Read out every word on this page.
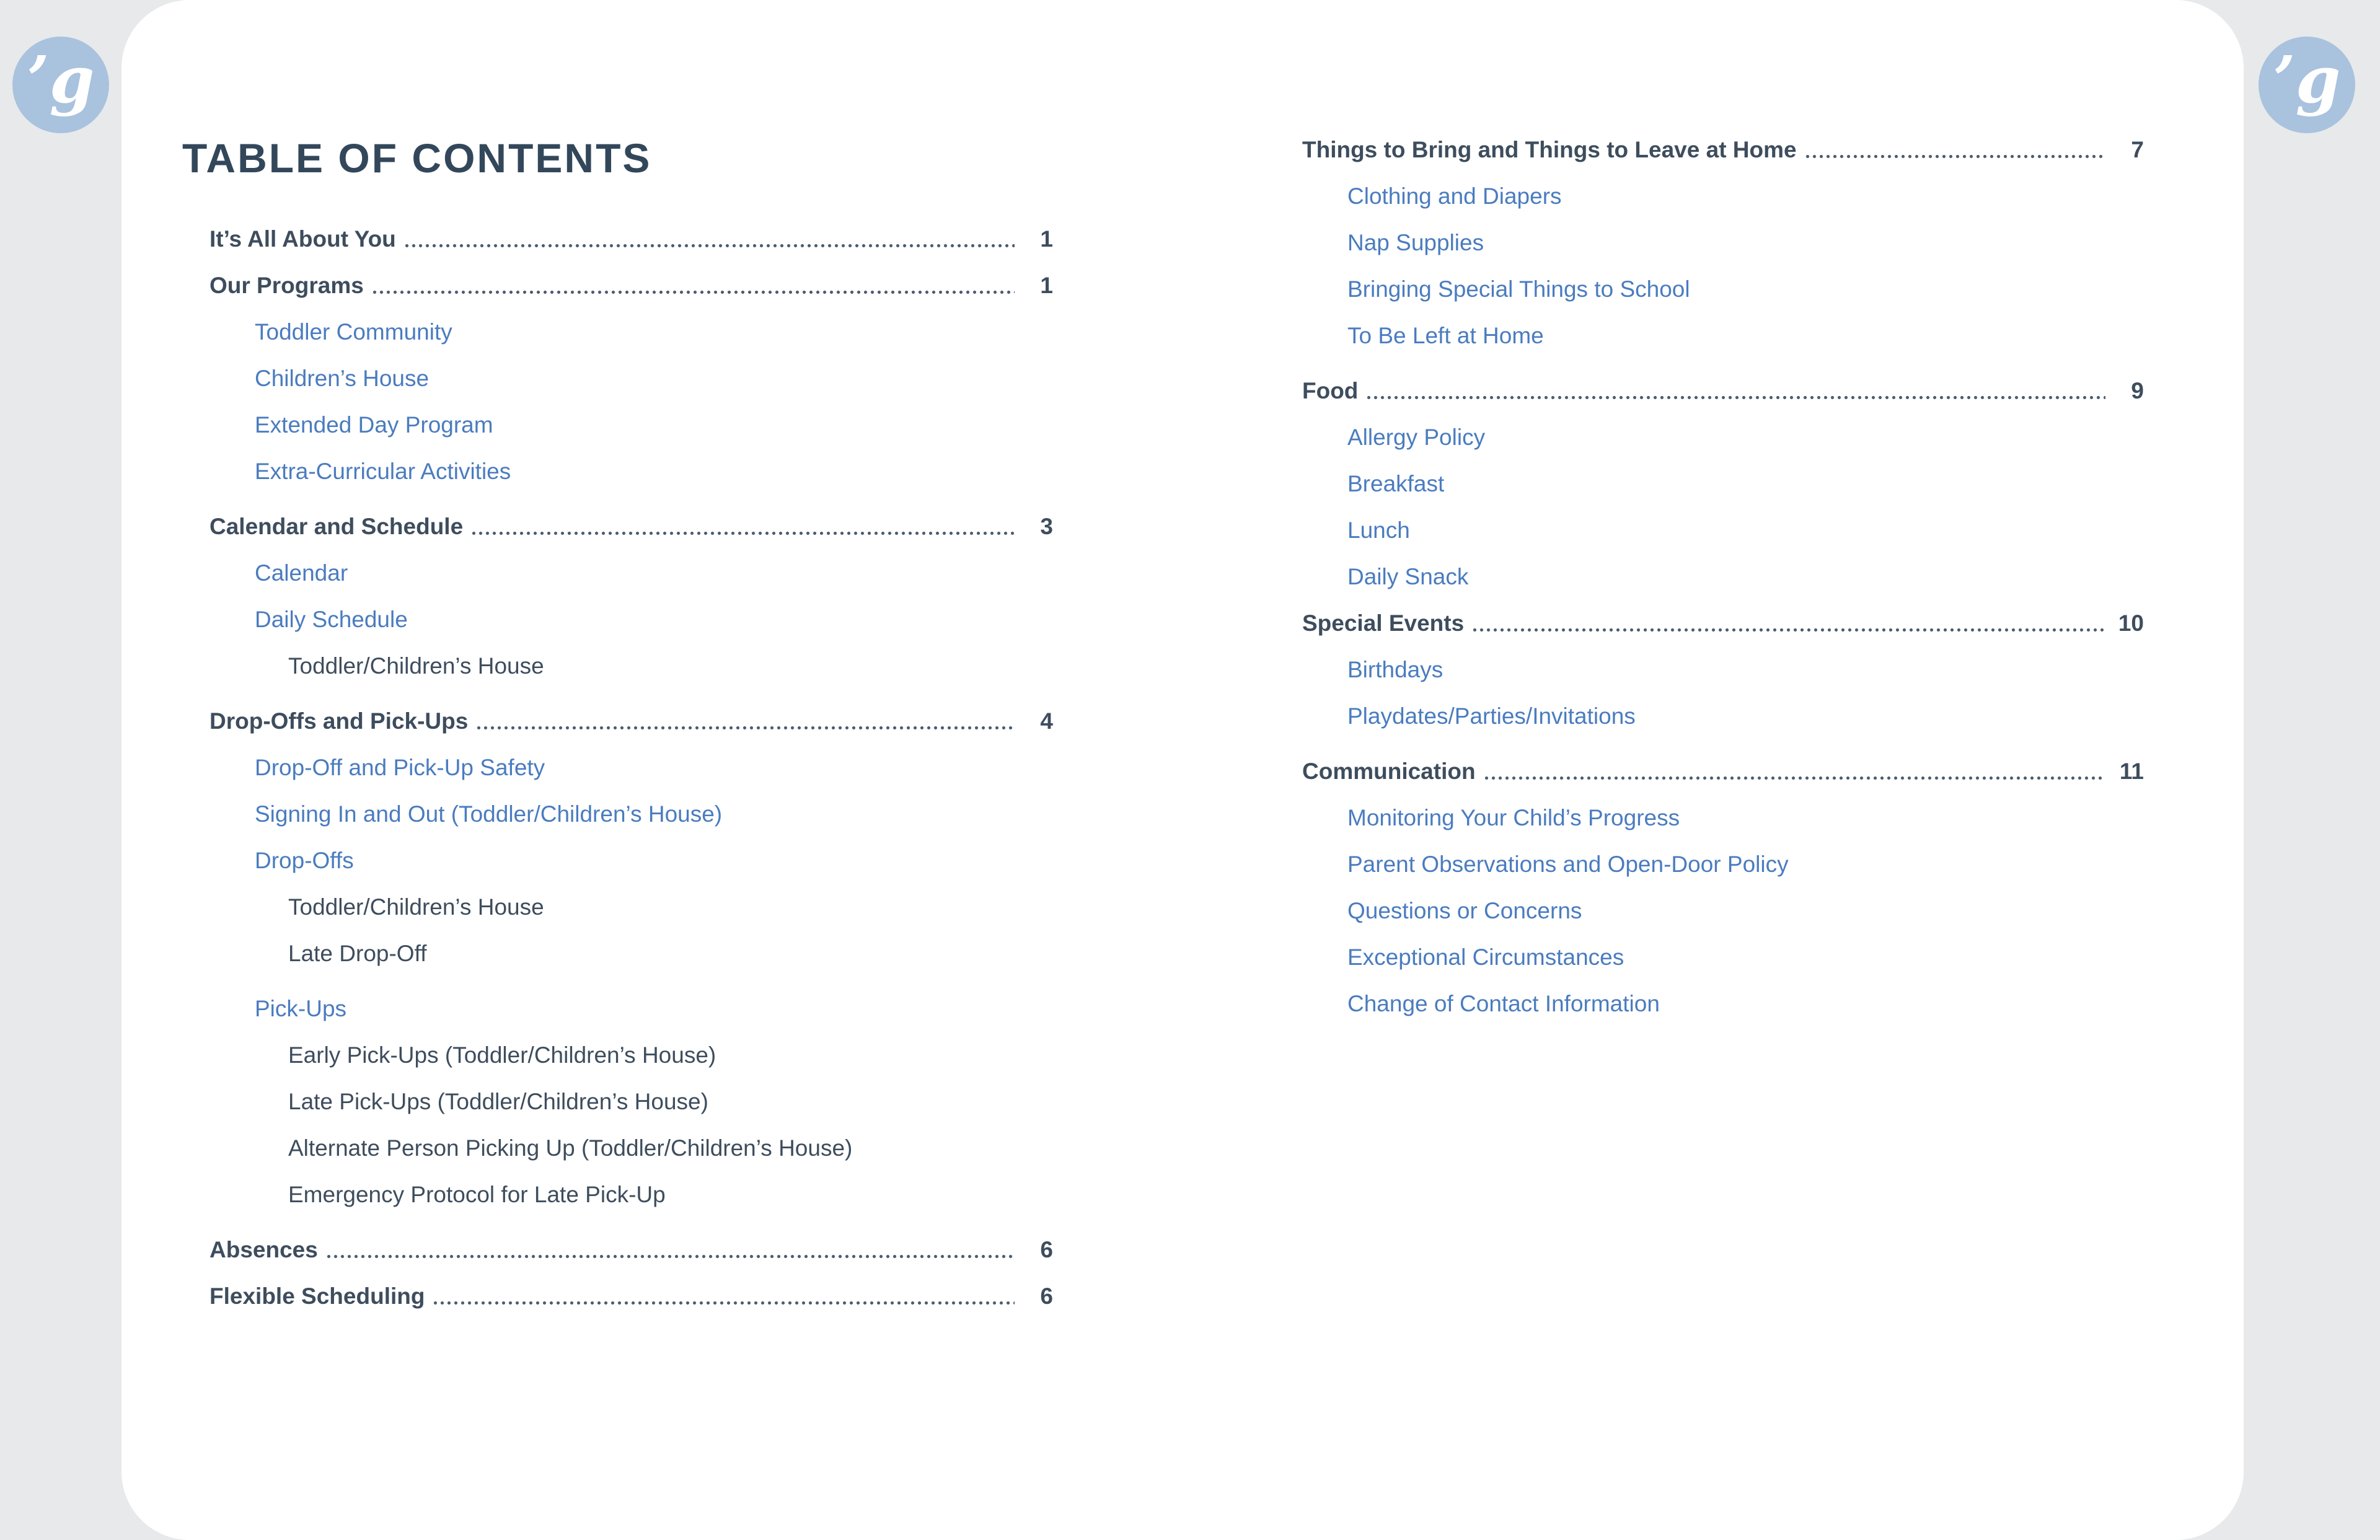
’g	’g
TABLE OF CONTENTS
It’s All About You	1
Our Programs	1
Toddler Community
Children’s House
Extended Day Program
Extra-Curricular Activities
Calendar and Schedule	3
Calendar
Daily Schedule
Toddler/Children’s House
Drop-Offs and Pick-Ups	4
Drop-Off and Pick-Up Safety
Signing In and Out (Toddler/Children’s House)
Drop-Offs
Toddler/Children’s House
Late Drop-Off
Pick-Ups
Early Pick-Ups (Toddler/Children’s House)
Late Pick-Ups (Toddler/Children’s House)
Alternate Person Picking Up (Toddler/Children’s House)
Emergency Protocol for Late Pick-Up
Absences	6
Flexible Scheduling	6
Things to Bring and Things to Leave at Home	7
Clothing and Diapers
Nap Supplies
Bringing Special Things to School
To Be Left at Home
Food	9
Allergy Policy
Breakfast
Lunch
Daily Snack
Special Events	10
Birthdays
Playdates/Parties/Invitations
Communication	11
Monitoring Your Child’s Progress
Parent Observations and Open-Door Policy
Questions or Concerns
Exceptional Circumstances
Change of Contact Information
